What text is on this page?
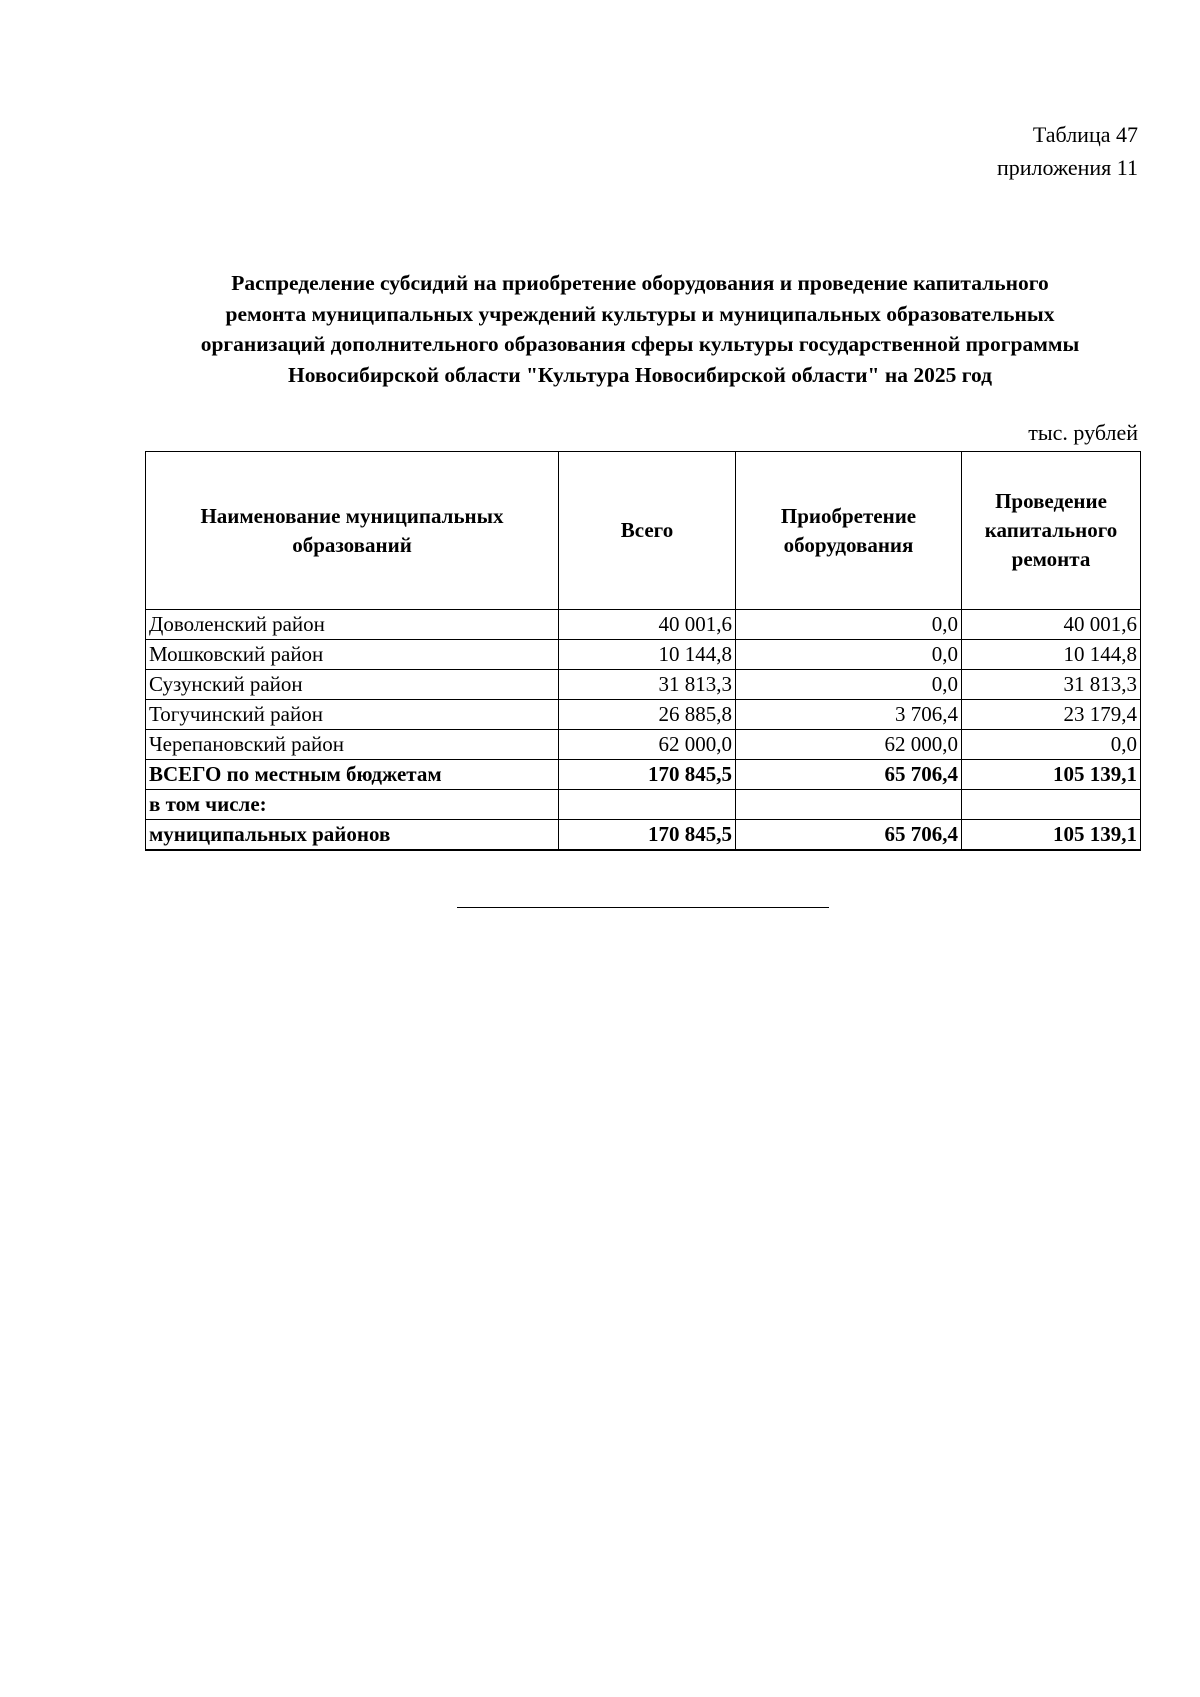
Таблица 47
приложения 11
Распределение субсидий на приобретение оборудования и проведение капитального
ремонта муниципальных учреждений культуры и муниципальных образовательных
организаций дополнительного образования сферы культуры государственной программы
Новосибирской области "Культура Новосибирской области" на 2025 год
тыс. рублей
Наименование муниципальных образований	Всего	Приобретение оборудования	Проведение капитального ремонта
Доволенский район	40 001,6	0,0	40 001,6
Мошковский район	10 144,8	0,0	10 144,8
Сузунский район	31 813,3	0,0	31 813,3
Тогучинский район	26 885,8	3 706,4	23 179,4
Черепановский район	62 000,0	62 000,0	0,0
ВСЕГО по местным бюджетам	170 845,5	65 706,4	105 139,1
в том числе:			
муниципальных районов	170 845,5	65 706,4	105 139,1
